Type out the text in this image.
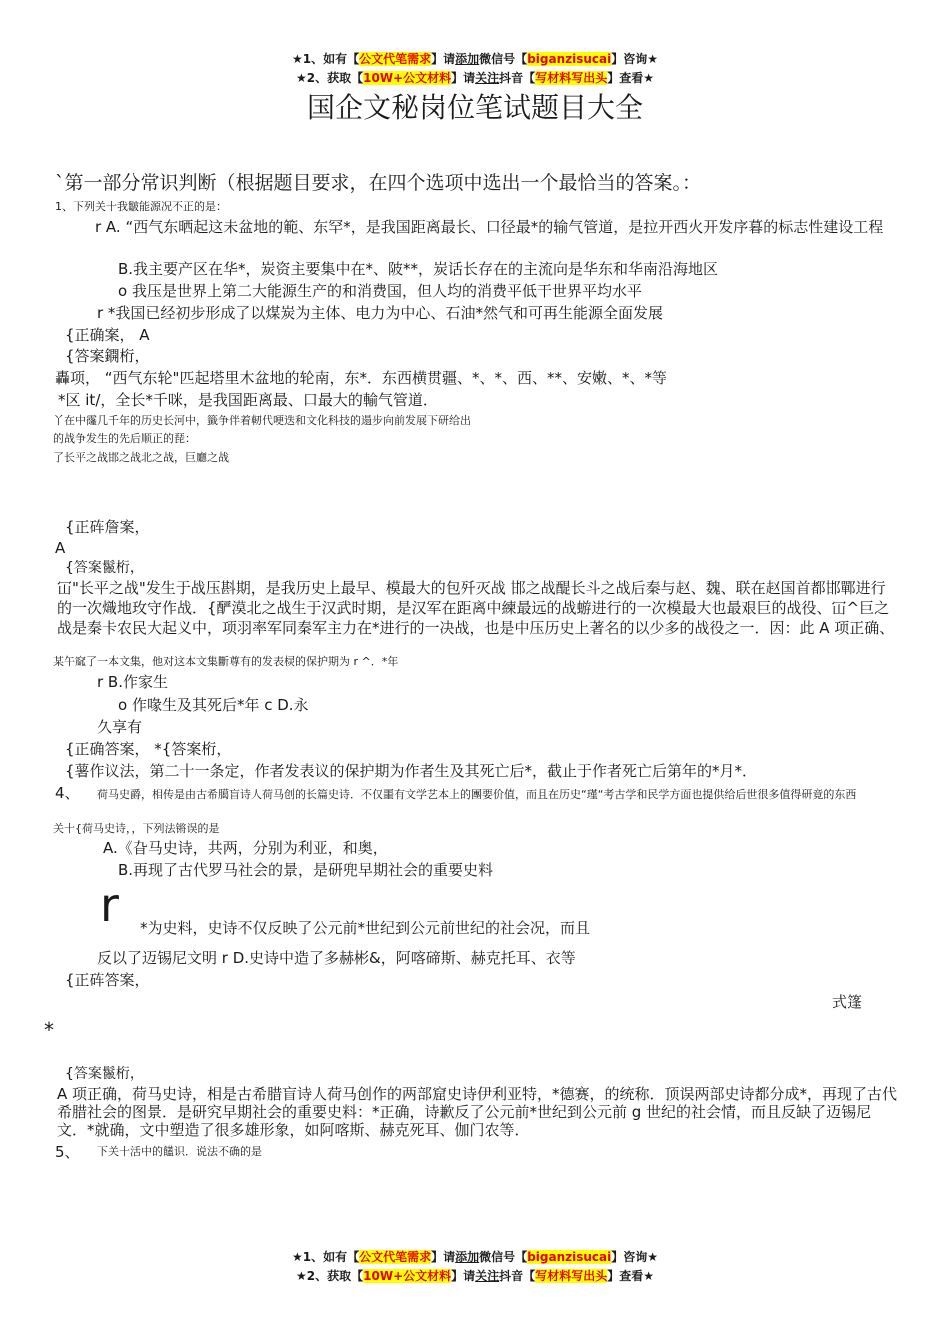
★1、如有【公文代笔需求】请添加微信号【biganzisucai】咨询★
★2、获取【10W+公文材料】请关注抖音【写材料写出头】查看★
国企文秘岗位笔试题目大全
`第一部分常识判断（根据题目要求，在四个选项中选出一个最恰当的答案。：
1、下列关十我皺能源况不正的是：
r A. “西气东晒起这未盆地的範、东罕*，是我国距离最长、口径最*的输气管道，是拉开西火开发序暮的标志性建设工程
B.我主要产区在华*，炭资主要集中在*、陂**，炭话长存在的主流向是华东和华南沿海地区
o 我压是世界上第二大能源生产的和消费国，但人均的消费平低干世界平均水平
r *我国已经初步形成了以煤炭为主体、电力为中心、石油*然气和可再生能源全面发展
{正确案， A
{答案鐦桁，
轟项， “西气东轮"匹起塔里木盆地的轮南，东*．东西横贯疆、*、*、西、**、安嫩、*、*等
*区 it/，全长*千咪，是我国距离最、口最大的輸气管道．
丫在中霳几千年的历史长河中，籤争伴着軔代哽迭和文化科技的遢步向前发展下研给出
的战争发生的先后顺正的琵：
了长平之战邯之战北之战，巨廳之战
{正砗詹案，
A
{答案鬣桁，
冚"长平之战"发生于战压斟期，是我历史上最早、模最大的包歼灭战 邯之战醍长斗之战后秦与赵、魏、联在赵国首都邯鄲进行的一次熾地玫守作战．{酽漠北之战生于汉武时期，是汉军在距离中練最远的战蝣进行的一次模最大也最艰巨的战役、冚^巨之战是秦卡农民大起义中，项羽率军同秦军主力在*进行的一决战，也是中压历史上著名的以少多的战役之一．因：此 A 项正确、
某午窳了一本文集，他对这本文集斷尊有的发表棂的保护期为 r ^．*年
r B.作家生
o 作喙生及其死后*年 c D.永
久享有
{正确答案， *{答案桁，
{薯作议法，第二十一条定，作者发表议的保护期为作者生及其死亡后*，截止于作者死亡后第年的*月*．
4、 荷马史爵，相传是由古希臈盲诗人荷马创的长篇史诗．不仅噩有文学艺本上的團要价值，而且在历史“瑾“考古学和民学方面也提供给后世很多值得研竟的东西
关十{荷马史诗，，下列法锵误的是
A.《旮马史诗，共两，分别为利亚，和奥，
B.再现了古代罗马社会的景，是研兜早期社会的重要史料
r *为史料，史诗不仅反映了公元前*世纪到公元前世纪的社会况，而且
反以了迈锡尼文明 r D.史诗中造了多赫彬&，阿喀碲斯、赫克托耳、衣等
{正砗答案，
式篷
*
{答案鬣桁，
A 项正确，荷马史诗，相是古希腊盲诗人荷马创作的两部窟史诗伊利亚特，*德赛，的统称．顶误两部史诗都分成*，再现了古代希腊社会的图景．是研究早期社会的重要史料：*正确，诗歉反了公元前*世纪到公元前 g 世纪的社会情，而且反缺了迈锡尼文．*就确，文中塑造了很多雄形象，如阿喀斯、赫克死耳、伽门农等．
5、 下关十活中的饚识．说法不确的是
★1、如有【公文代笔需求】请添加微信号【biganzisucai】咨询★
★2、获取【10W+公文材料】请关注抖音【写材料写出头】查看★
